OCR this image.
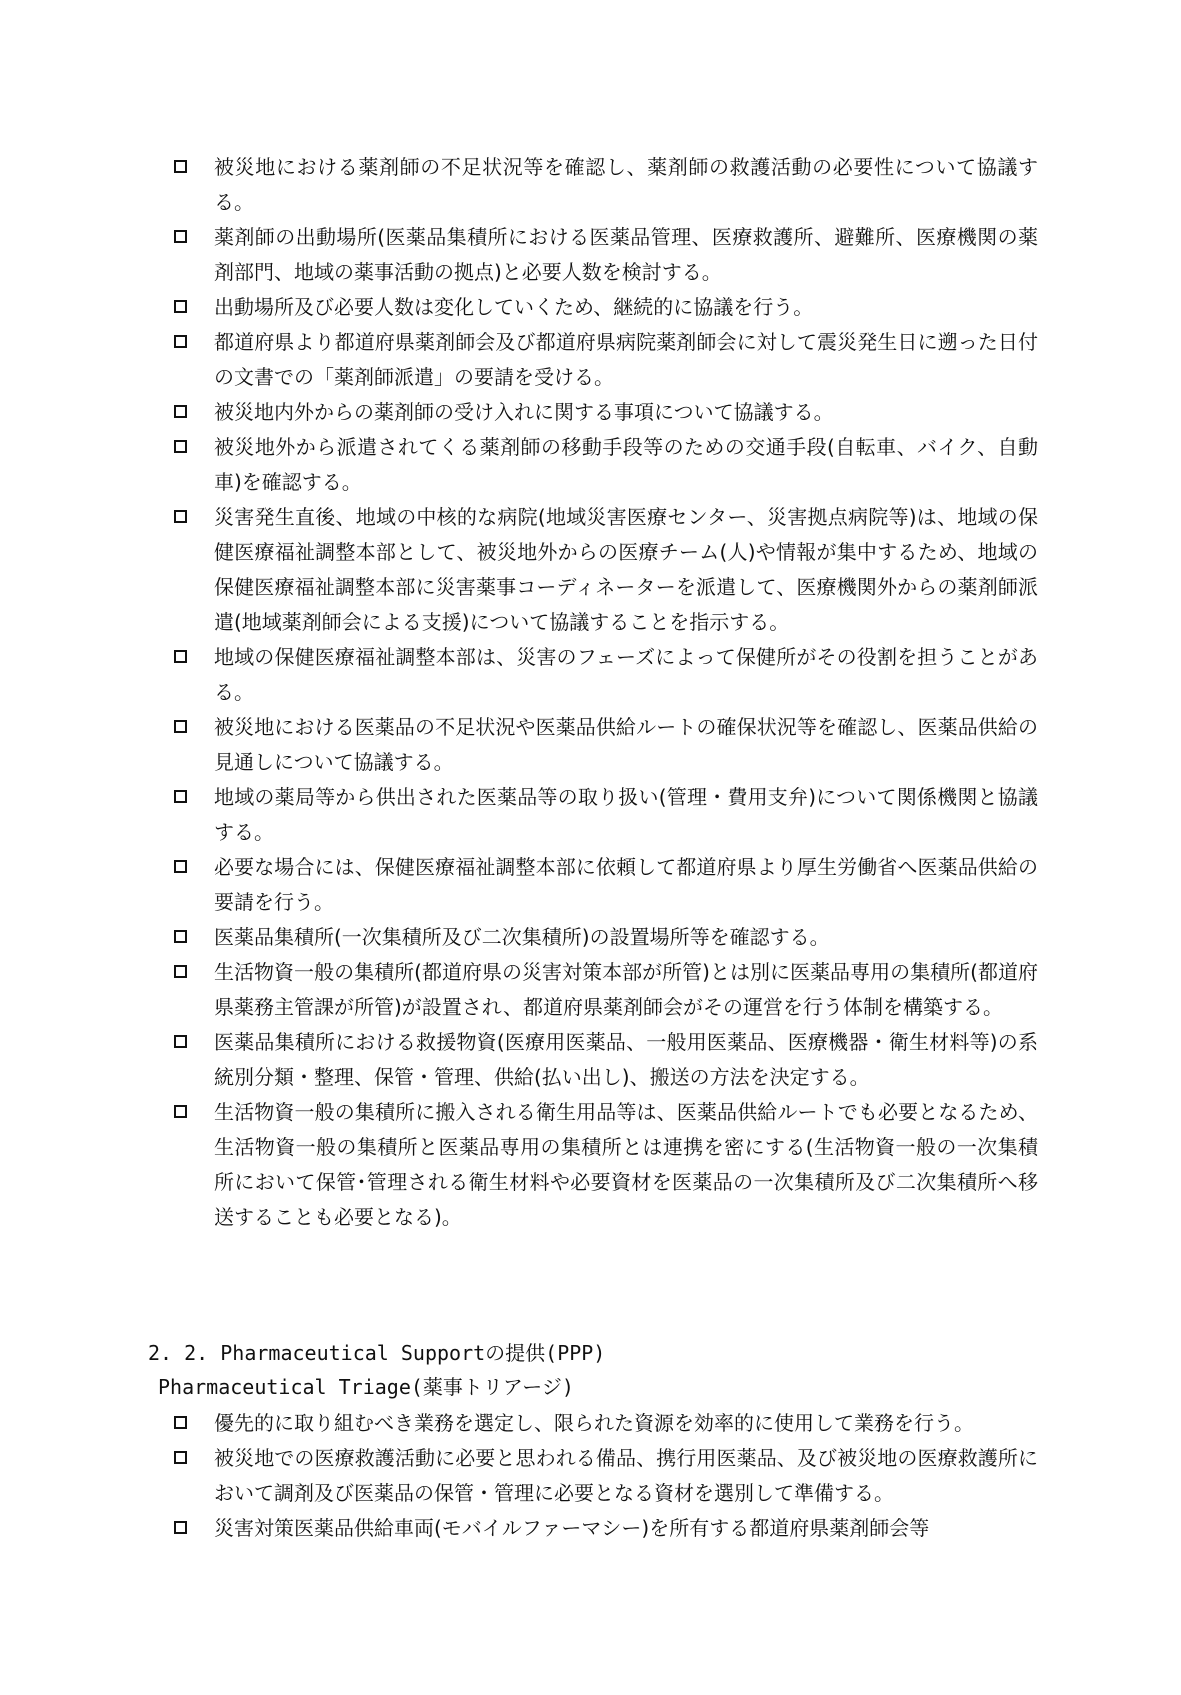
被災地における薬剤師の不足状況等を確認し、薬剤師の救護活動の必要性について協議する。
薬剤師の出動場所(医薬品集積所における医薬品管理、医療救護所、避難所、医療機関の薬剤部門、地域の薬事活動の拠点)と必要人数を検討する。
出動場所及び必要人数は変化していくため、継続的に協議を行う。
都道府県より都道府県薬剤師会及び都道府県病院薬剤師会に対して震災発生日に遡った日付の文書での「薬剤師派遣」の要請を受ける。
被災地内外からの薬剤師の受け入れに関する事項について協議する。
被災地外から派遣されてくる薬剤師の移動手段等のための交通手段(自転車、バイク、自動車)を確認する。
災害発生直後、地域の中核的な病院(地域災害医療センター、災害拠点病院等)は、地域の保健医療福祉調整本部として、被災地外からの医療チーム(人)や情報が集中するため、地域の保健医療福祉調整本部に災害薬事コーディネーターを派遣して、医療機関外からの薬剤師派遣(地域薬剤師会による支援)について協議することを指示する。
地域の保健医療福祉調整本部は、災害のフェーズによって保健所がその役割を担うことがある。
被災地における医薬品の不足状況や医薬品供給ルートの確保状況等を確認し、医薬品供給の見通しについて協議する。
地域の薬局等から供出された医薬品等の取り扱い(管理・費用支弁)について関係機関と協議する。
必要な場合には、保健医療福祉調整本部に依頼して都道府県より厚生労働省へ医薬品供給の要請を行う。
医薬品集積所(一次集積所及び二次集積所)の設置場所等を確認する。
生活物資一般の集積所(都道府県の災害対策本部が所管)とは別に医薬品専用の集積所(都道府県薬務主管課が所管)が設置され、都道府県薬剤師会がその運営を行う体制を構築する。
医薬品集積所における救援物資(医療用医薬品、一般用医薬品、医療機器・衛生材料等)の系統別分類・整理、保管・管理、供給(払い出し)、搬送の方法を決定する。
生活物資一般の集積所に搬入される衛生用品等は、医薬品供給ルートでも必要となるため、生活物資一般の集積所と医薬品専用の集積所とは連携を密にする(生活物資一般の一次集積所において保管･管理される衛生材料や必要資材を医薬品の一次集積所及び二次集積所へ移送することも必要となる)。
2. 2. Pharmaceutical Supportの提供(PPP)
Pharmaceutical Triage(薬事トリアージ)
優先的に取り組むべき業務を選定し、限られた資源を効率的に使用して業務を行う。
被災地での医療救護活動に必要と思われる備品、携行用医薬品、及び被災地の医療救護所において調剤及び医薬品の保管・管理に必要となる資材を選別して準備する。
災害対策医薬品供給車両(モバイルファーマシー)を所有する都道府県薬剤師会等
